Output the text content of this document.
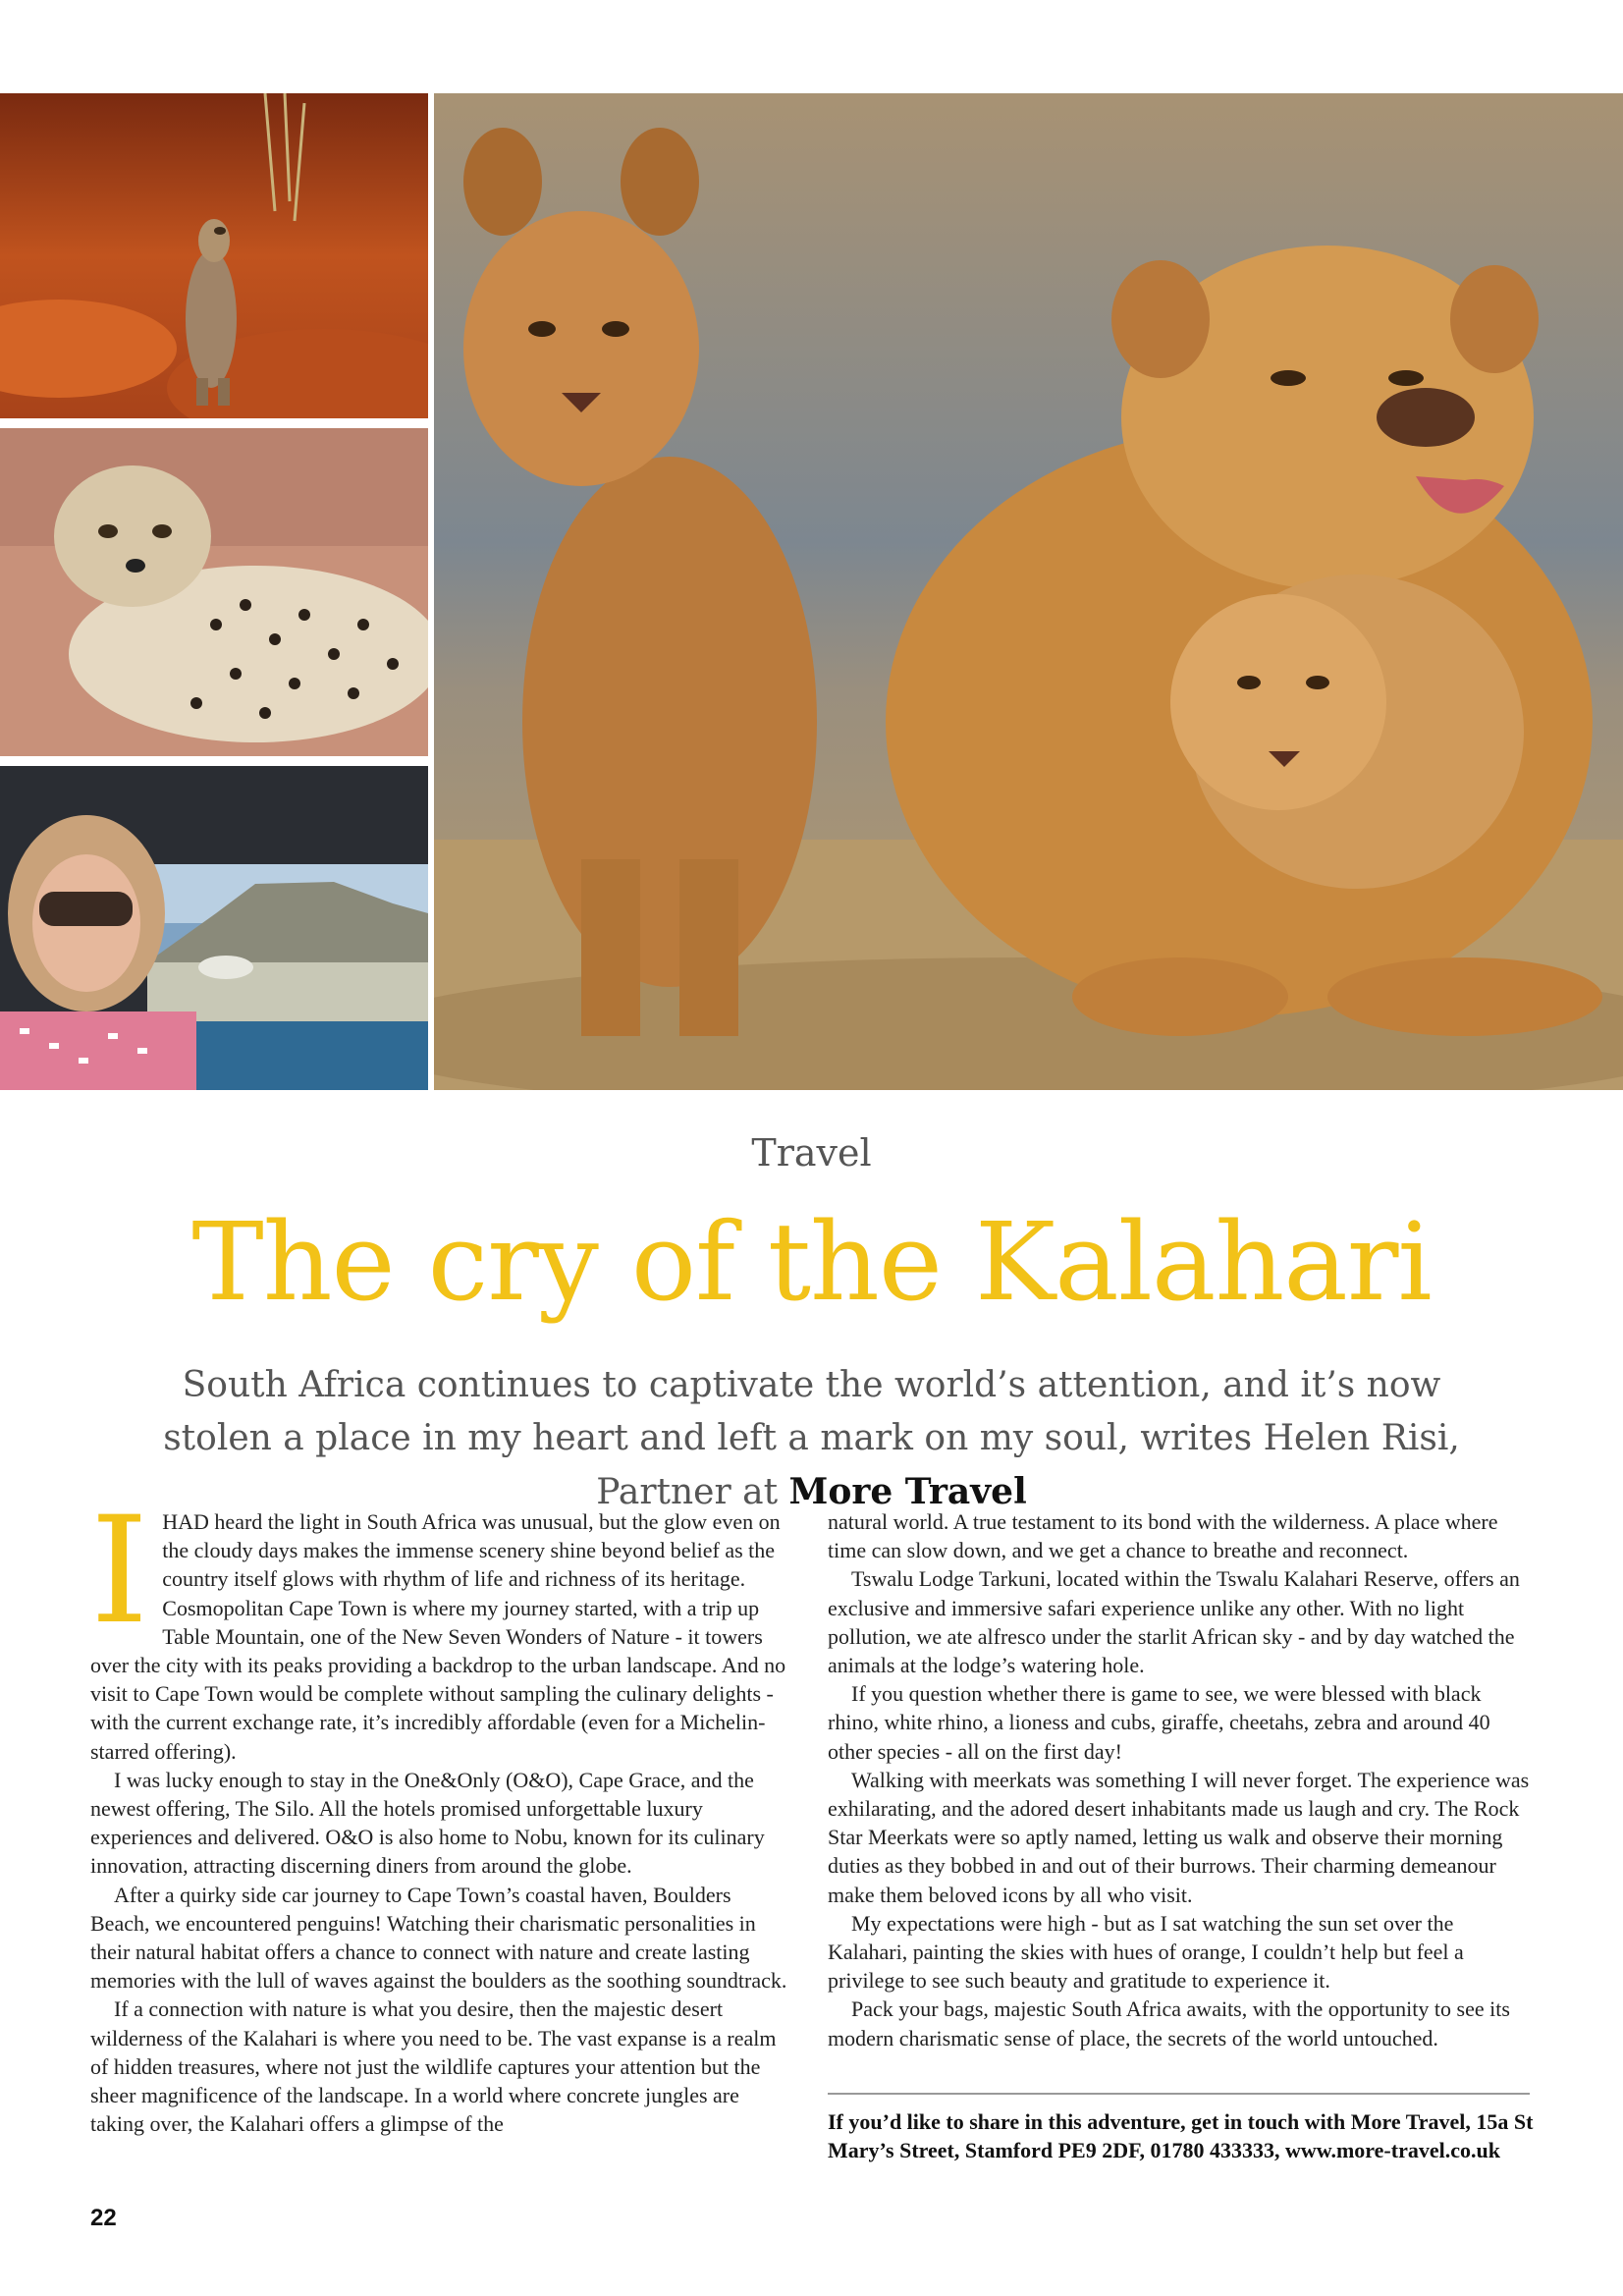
Travel
The cry of the Kalahari
South Africa continues to captivate the world’s attention, and it’s now stolen a place in my heart and left a mark on my soul, writes Helen Risi, Partner at More Travel
I HAD heard the light in South Africa was unusual, but the glow even on the cloudy days makes the immense scenery shine beyond belief as the country itself glows with rhythm of life and richness of its heritage. Cosmopolitan Cape Town is where my journey started, with a trip up Table Mountain, one of the New Seven Wonders of Nature - it towers over the city with its peaks providing a backdrop to the urban landscape. And no visit to Cape Town would be complete without sampling the culinary delights - with the current exchange rate, it’s incredibly affordable (even for a Michelin-starred offering).

I was lucky enough to stay in the One&Only (O&O), Cape Grace, and the newest offering, The Silo. All the hotels promised unforgettable luxury experiences and delivered. O&O is also home to Nobu, known for its culinary innovation, attracting discerning diners from around the globe.

After a quirky side car journey to Cape Town’s coastal haven, Boulders Beach, we encountered penguins! Watching their charismatic personalities in their natural habitat offers a chance to connect with nature and create lasting memories with the lull of waves against the boulders as the soothing soundtrack.

If a connection with nature is what you desire, then the majestic desert wilderness of the Kalahari is where you need to be. The vast expanse is a realm of hidden treasures, where not just the wildlife captures your attention but the sheer magnificence of the landscape. In a world where concrete jungles are taking over, the Kalahari offers a glimpse of the

natural world. A true testament to its bond with the wilderness. A place where time can slow down, and we get a chance to breathe and reconnect.

Tswalu Lodge Tarkuni, located within the Tswalu Kalahari Reserve, offers an exclusive and immersive safari experience unlike any other. With no light pollution, we ate alfresco under the starlit African sky - and by day watched the animals at the lodge’s watering hole.

If you question whether there is game to see, we were blessed with black rhino, white rhino, a lioness and cubs, giraffe, cheetahs, zebra and around 40 other species - all on the first day!

Walking with meerkats was something I will never forget. The experience was exhilarating, and the adored desert inhabitants made us laugh and cry. The Rock Star Meerkats were so aptly named, letting us walk and observe their morning duties as they bobbed in and out of their burrows. Their charming demeanour make them beloved icons by all who visit.

My expectations were high - but as I sat watching the sun set over the Kalahari, painting the skies with hues of orange, I couldn’t help but feel a privilege to see such beauty and gratitude to experience it.

Pack your bags, majestic South Africa awaits, with the opportunity to see its modern charismatic sense of place, the secrets of the world untouched.

If you’d like to share in this adventure, get in touch with More Travel, 15a St Mary’s Street, Stamford PE9 2DF, 01780 433333, www.more-travel.co.uk
22
